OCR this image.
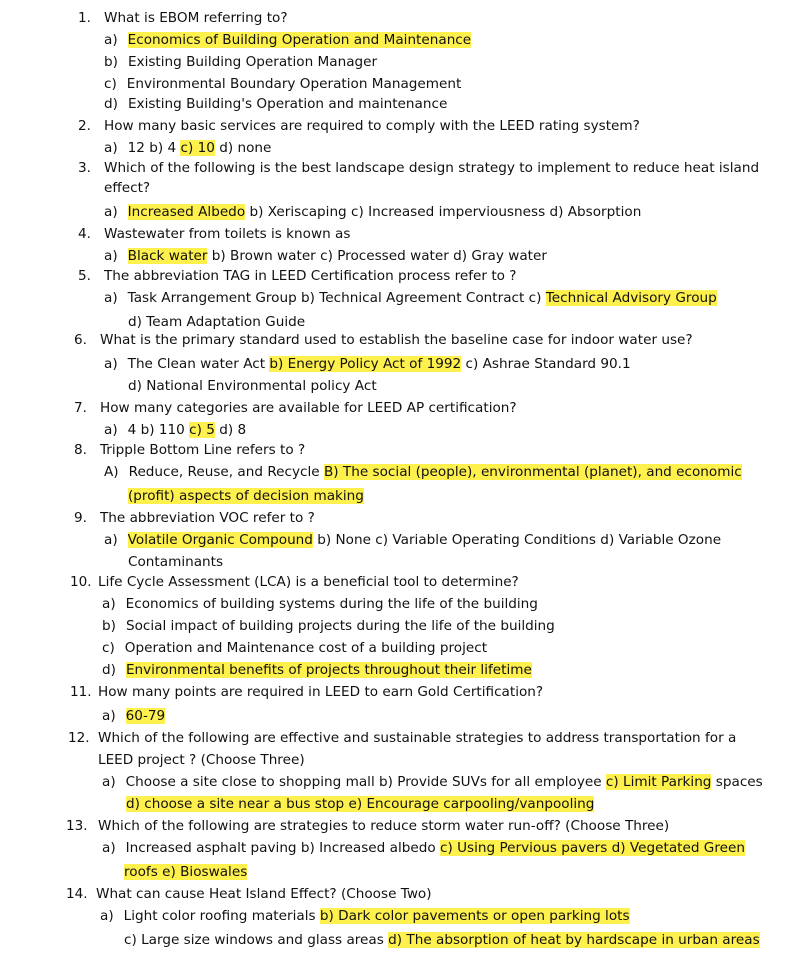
1. What is EBOM referring to?
a) Economics of Building Operation and Maintenance
b) Existing Building Operation Manager
c) Environmental Boundary Operation Management
d) Existing Building's Operation and maintenance
2. How many basic services are required to comply with the LEED rating system?
a) 12 b) 4 c) 10 d) none
3. Which of the following is the best landscape design strategy to implement to reduce heat island
effect?
a) Increased Albedo b) Xeriscaping c) Increased imperviousness d) Absorption
4. Wastewater from toilets is known as
a) Black water b) Brown water c) Processed water d) Gray water
5. The abbreviation TAG in LEED Certification process refer to ?
a) Task Arrangement Group b) Technical Agreement Contract c) Technical Advisory Group
d) Team Adaptation Guide
6. What is the primary standard used to establish the baseline case for indoor water use?
a) The Clean water Act b) Energy Policy Act of 1992 c) Ashrae Standard 90.1
d) National Environmental policy Act
7. How many categories are available for LEED AP certification?
a) 4 b) 110 c) 5 d) 8
8. Tripple Bottom Line refers to ?
A) Reduce, Reuse, and Recycle B) The social (people), environmental (planet), and economic
(profit) aspects of decision making
9. The abbreviation VOC refer to ?
a) Volatile Organic Compound b) None c) Variable Operating Conditions d) Variable Ozone
Contaminants
10. Life Cycle Assessment (LCA) is a beneficial tool to determine?
a) Economics of building systems during the life of the building
b) Social impact of building projects during the life of the building
c) Operation and Maintenance cost of a building project
d) Environmental benefits of projects throughout their lifetime
11. How many points are required in LEED to earn Gold Certification?
a) 60-79
12. Which of the following are effective and sustainable strategies to address transportation for a
LEED project ? (Choose Three)
a) Choose a site close to shopping mall b) Provide SUVs for all employee c) Limit Parking spaces
d) choose a site near a bus stop e) Encourage carpooling/vanpooling
13. Which of the following are strategies to reduce storm water run-off? (Choose Three)
a) Increased asphalt paving b) Increased albedo c) Using Pervious pavers d) Vegetated Green
roofs e) Bioswales
14. What can cause Heat Island Effect? (Choose Two)
a) Light color roofing materials b) Dark color pavements or open parking lots
c) Large size windows and glass areas d) The absorption of heat by hardscape in urban areas
